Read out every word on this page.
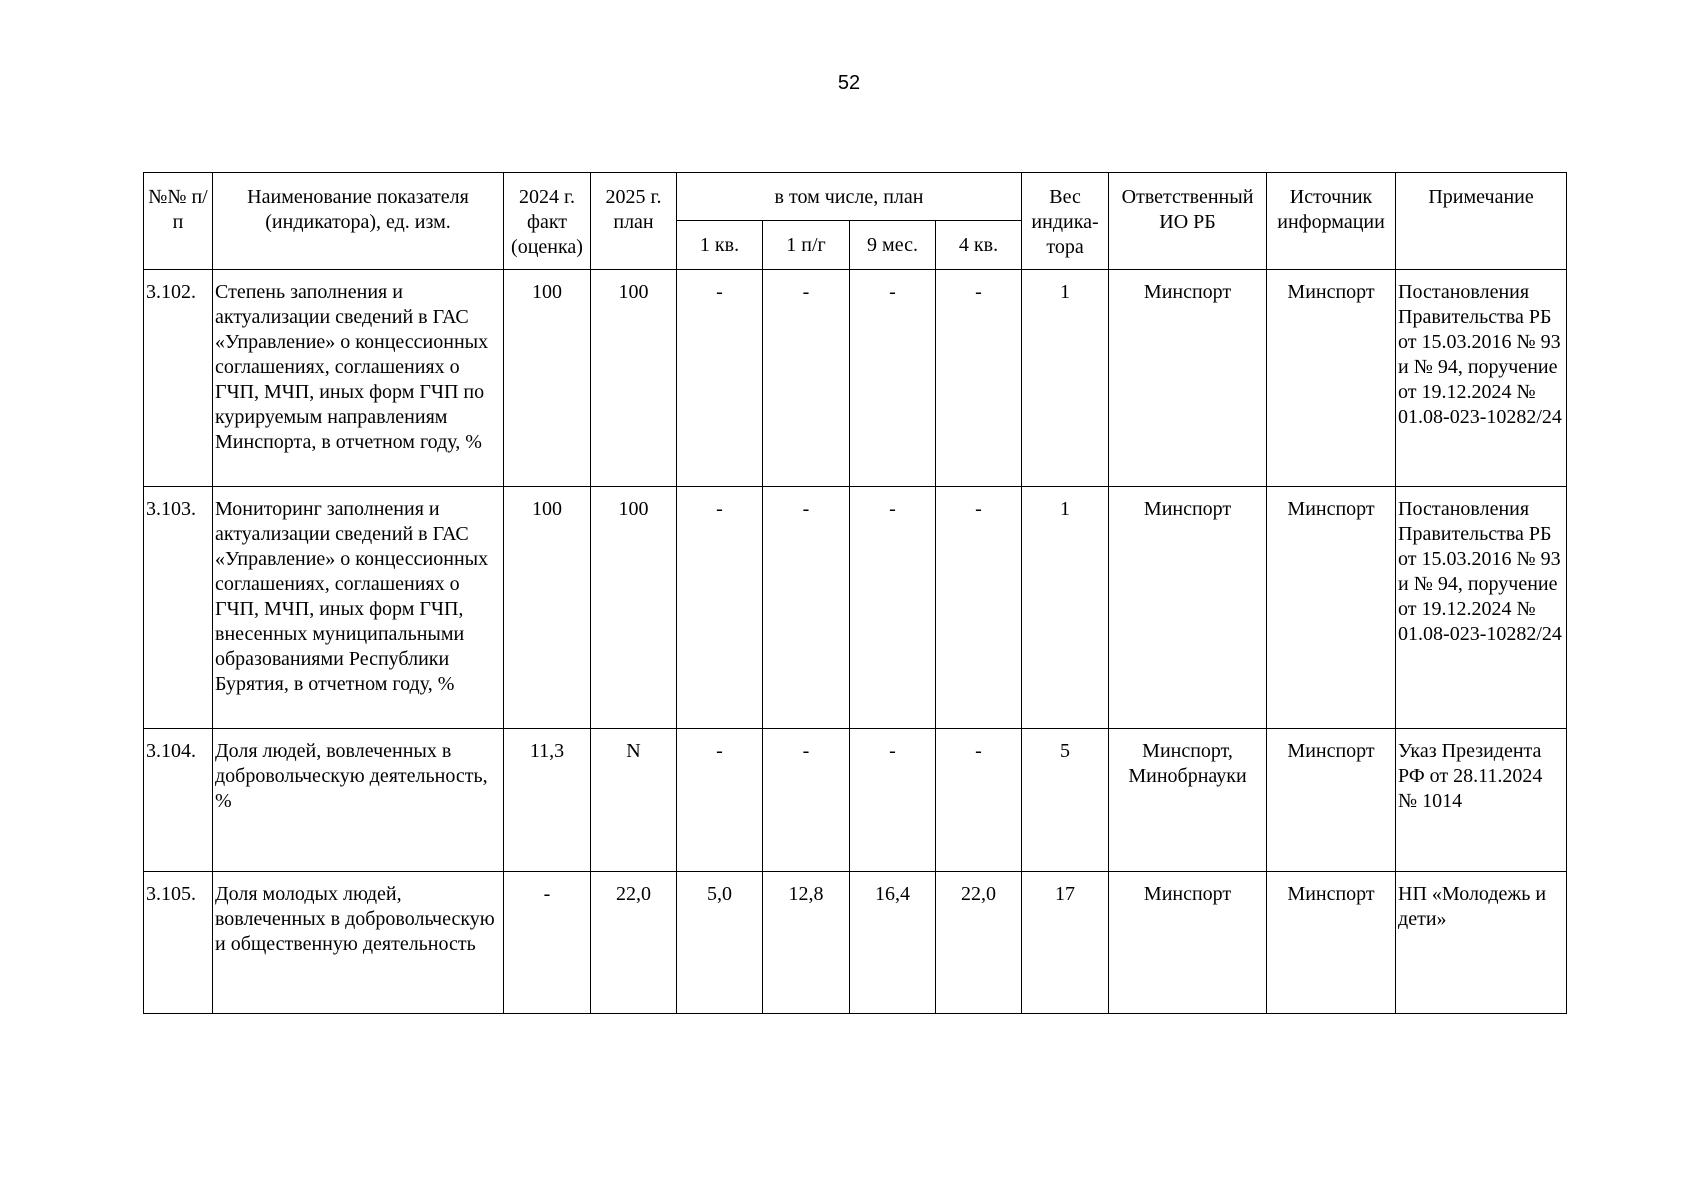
52
№№ п/п	Наименование показателя (индикатора), ед. изм.	2024 г. факт (оценка)	2025 г. план	в том числе, план				Вес индика-тора	Ответственный ИО РБ	Источник информации	Примечание
				1 кв.	1 п/г	9 мес.	4 кв.				
3.102.	Степень заполнения и актуализации сведений в ГАС «Управление» о концессионных соглашениях, соглашениях о ГЧП, МЧП, иных форм ГЧП по курируемым направлениям Минспорта, в отчетном году, %	100	100	-	-	-	-	1	Минспорт	Минспорт	Постановления Правительства РБ от 15.03.2016 № 93 и № 94, поручение от 19.12.2024 № 01.08-023-10282/24
3.103.	Мониторинг заполнения и актуализации сведений в ГАС «Управление» о концессионных соглашениях, соглашениях о ГЧП, МЧП, иных форм ГЧП, внесенных муниципальными образованиями Республики Бурятия, в отчетном году, %	100	100	-	-	-	-	1	Минспорт	Минспорт	Постановления Правительства РБ от 15.03.2016 № 93 и № 94, поручение от 19.12.2024 № 01.08-023-10282/24
3.104.	Доля людей, вовлеченных в добровольческую деятельность, %	11,3	N	-	-	-	-	5	Минспорт, Минобрнауки	Минспорт	Указ Президента РФ от 28.11.2024 № 1014
3.105.	Доля молодых людей, вовлеченных в добровольческую и общественную деятельность	-	22,0	5,0	12,8	16,4	22,0	17	Минспорт	Минспорт	НП «Молодежь и дети»
